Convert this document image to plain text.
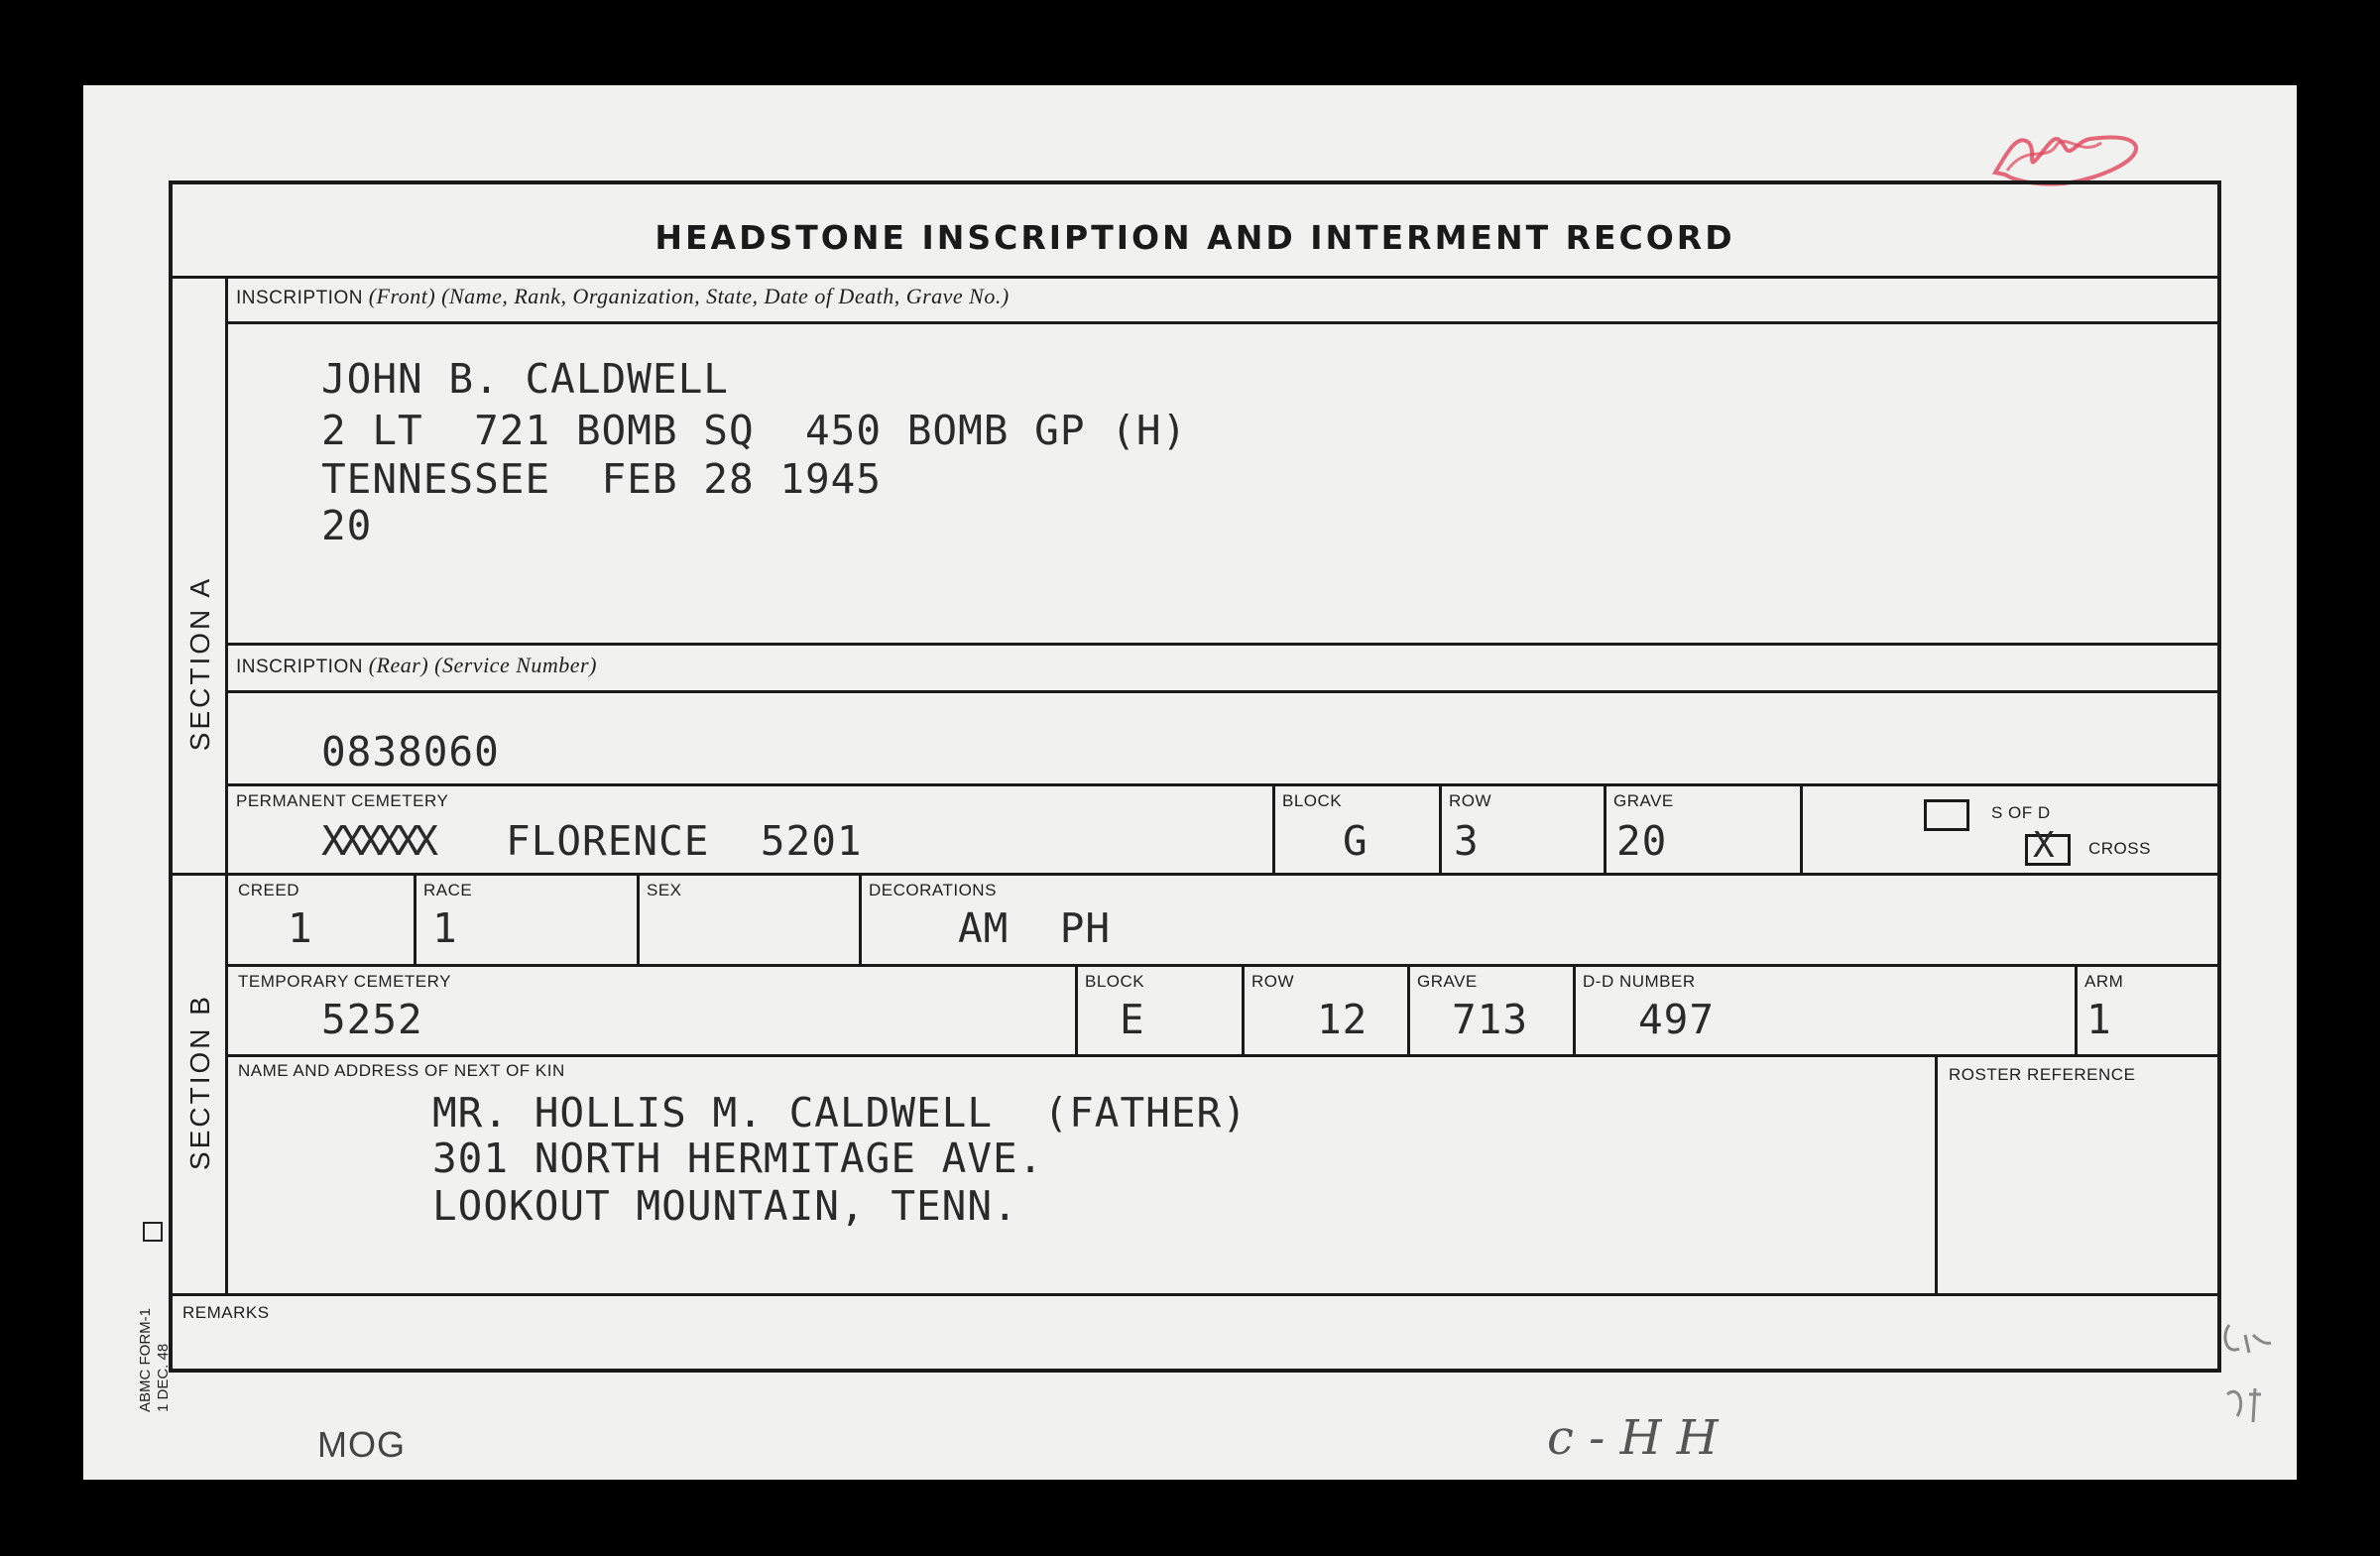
HEADSTONE INSCRIPTION AND INTERMENT RECORD
SECTION A
SECTION B
INSCRIPTION (Front) (Name, Rank, Organization, State, Date of Death, Grave No.)
JOHN B. CALDWELL
2 LT  721 BOMB SQ  450 BOMB GP (H)
TENNESSEE  FEB 28 1945
20
INSCRIPTION (Rear) (Service Number)
0838060
PERMANENT CEMETERY
XXXXXX FLORENCE  5201
BLOCK
G
ROW
3
GRAVE
20
S OF D
X CROSS
CREED
1
RACE
1
SEX	DECORATIONS
AM  PH
TEMPORARY CEMETERY
5252
BLOCK
E
ROW
12
GRAVE
713
D-D NUMBER
497
ARM
1
NAME AND ADDRESS OF NEXT OF KIN
MR. HOLLIS M. CALDWELL  (FATHER)
301 NORTH HERMITAGE AVE.
LOOKOUT MOUNTAIN, TENN.
ROSTER REFERENCE
REMARKS
ABMC FORM-1
1 DEC. 48
MOG	c - H H
